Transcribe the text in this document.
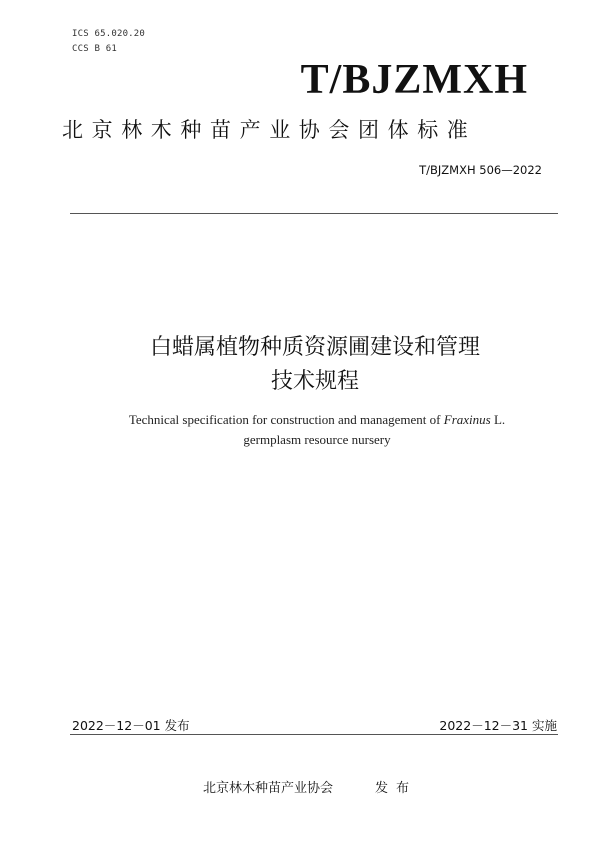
ICS 65.020.20
CCS B 61
T/BJZMXH
北京林木种苗产业协会团体标准
T/BJZMXH 506—2022
白蜡属植物种质资源圃建设和管理
技术规程
Technical specification for construction and management of Fraxinus L.
germplasm resource nursery
2022－12－01 发布	2022－12－31 实施
北京林木种苗产业协会	发布
